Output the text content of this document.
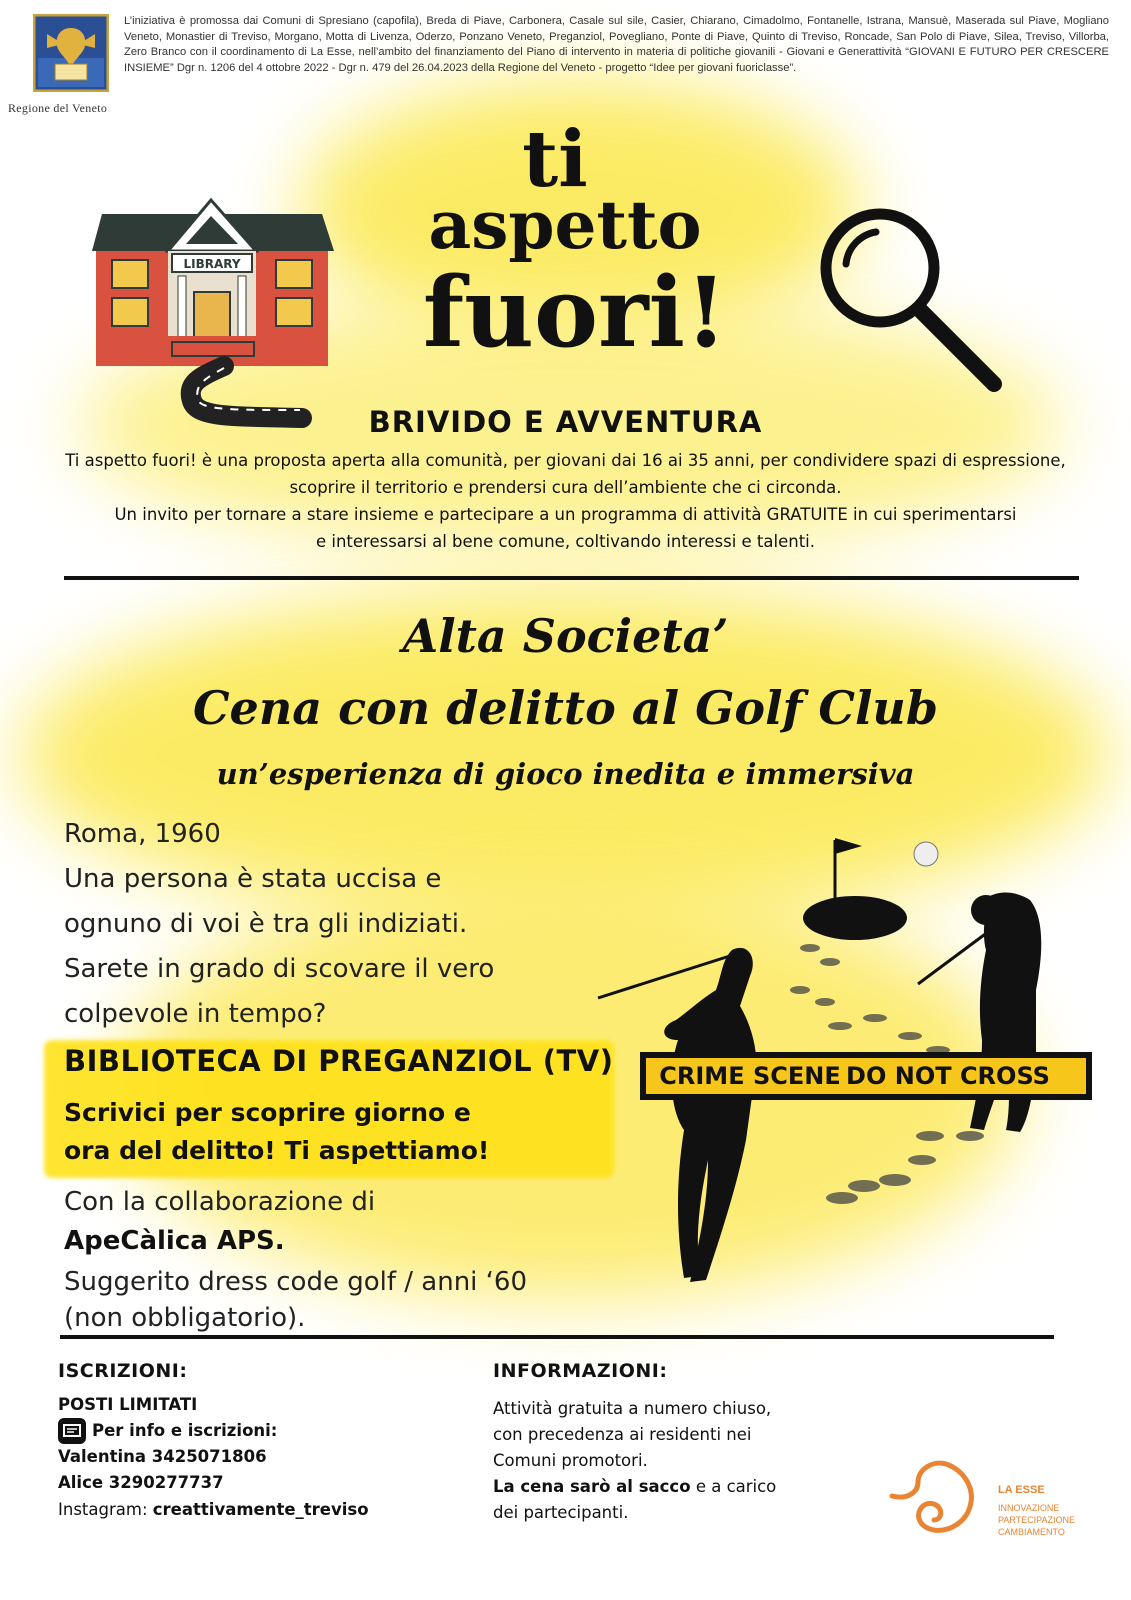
Regione del Veneto
L’iniziativa è promossa dai Comuni di Spresiano (capofila), Breda di Piave, Carbonera, Casale sul sile, Casier, Chiarano, Cimadolmo, Fontanelle, Istrana, Mansuè, Maserada sul Piave, Mogliano Veneto, Monastier di Treviso, Morgano, Motta di Livenza, Oderzo, Ponzano Veneto, Preganziol, Povegliano, Ponte di Piave, Quinto di Treviso, Roncade, San Polo di Piave, Silea, Treviso, Villorba, Zero Branco con il coordinamento di La Esse, nell’ambito del finanziamento del Piano di intervento in materia di politiche giovanili - Giovani e Generattività “GIOVANI E FUTURO PER CRESCERE INSIEME” Dgr n. 1206 del 4 ottobre 2022 - Dgr n. 479 del 26.04.2023 della Regione del Veneto - progetto “Idee per giovani fuoriclasse”.
LIBRARY
ti
aspetto
fuori!
BRIVIDO E AVVENTURA

Ti aspetto fuori! è una proposta aperta alla comunità, per giovani dai 16 ai 35 anni, per condividere spazi di espressione,

scoprire il territorio e prendersi cura dell’ambiente che ci circonda.

Un invito per tornare a stare insieme e partecipare a un programma di attività GRATUITE in cui sperimentarsi

e interessarsi al bene comune, coltivando interessi e talenti.

Alta Societa’
Cena con delitto al Golf Club
un’esperienza di gioco inedita e immersiva

Roma, 1960

Una persona è stata uccisa e

ognuno di voi è tra gli indiziati.

Sarete in grado di scovare il vero

colpevole in tempo?

BIBLIOTECA DI PREGANZIOL (TV)
Scrivici per scoprire giorno e
ora del delitto! Ti aspettiamo!

Con la collaborazione di

ApeCàlica APS.
Suggerito dress code golf / anni ‘60
(non obbligatorio).
CRIME SCENE DO NOT CROSS
ISCRIZIONI:
POSTI LIMITATI
Per info e iscrizioni:
Valentina 3425071806
Alice 3290277737
Instagram: creattivamente_treviso
INFORMAZIONI:
Attività gratuita a numero chiuso,
con precedenza ai residenti nei
Comuni promotori.
La cena sarò al sacco e a carico
dei partecipanti.
LA ESSE
INNOVAZIONE
PARTECIPAZIONE
CAMBIAMENTO
